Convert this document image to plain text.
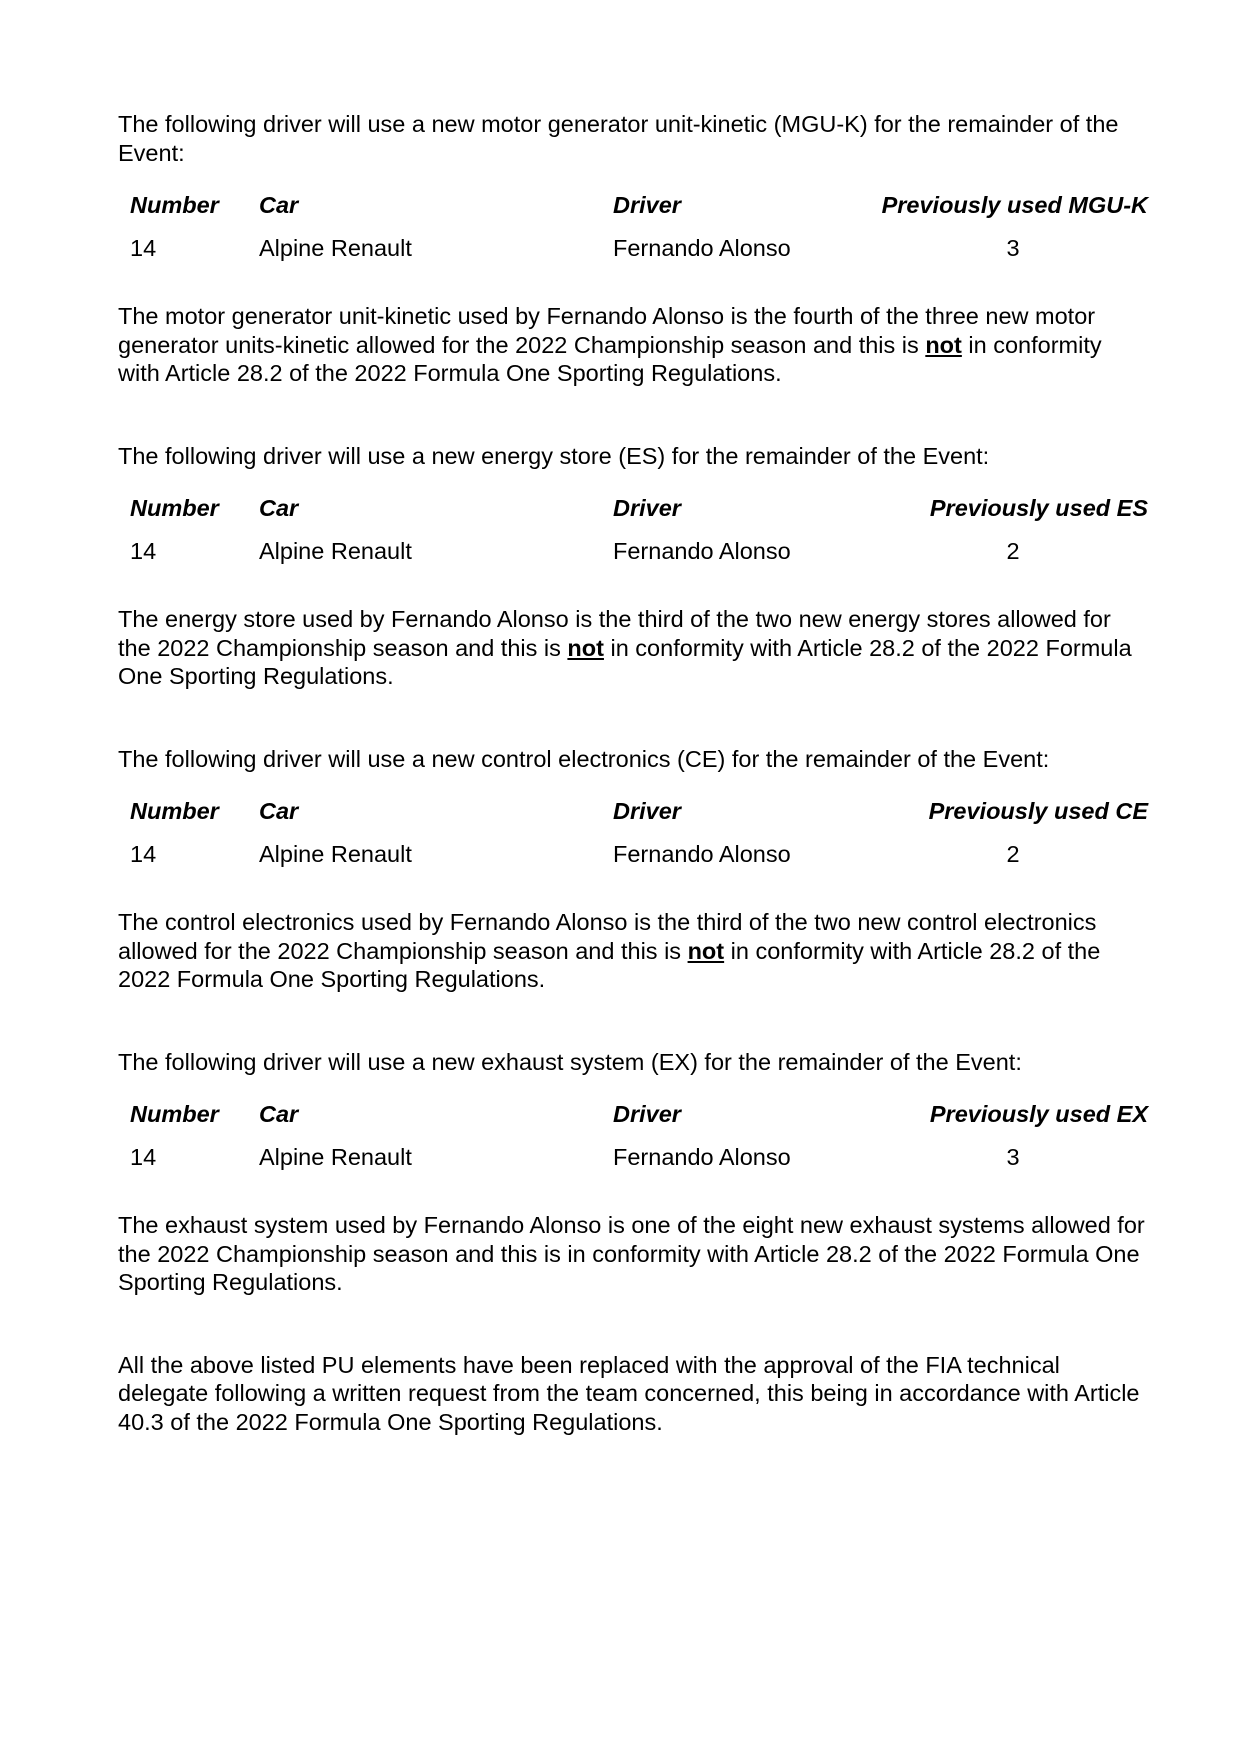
The following driver will use a new motor generator unit-kinetic (MGU-K) for the remainder of the Event:

Number Car	Driver	Previously used MGU-K
14	Alpine Renault	Fernando Alonso	3

The motor generator unit-kinetic used by Fernando Alonso is the fourth of the three new motor generator units-kinetic allowed for the 2022 Championship season and this is not in conformity with Article 28.2 of the 2022 Formula One Sporting Regulations.

The following driver will use a new energy store (ES) for the remainder of the Event:

Number Car	Driver	Previously used ES
14	Alpine Renault	Fernando Alonso	2

The energy store used by Fernando Alonso is the third of the two new energy stores allowed for the 2022 Championship season and this is not in conformity with Article 28.2 of the 2022 Formula One Sporting Regulations.

The following driver will use a new control electronics (CE) for the remainder of the Event:

Number Car	Driver	Previously used CE
14	Alpine Renault	Fernando Alonso	2

The control electronics used by Fernando Alonso is the third of the two new control electronics allowed for the 2022 Championship season and this is not in conformity with Article 28.2 of the 2022 Formula One Sporting Regulations.

The following driver will use a new exhaust system (EX) for the remainder of the Event:

Number Car	Driver	Previously used EX
14	Alpine Renault	Fernando Alonso	3

The exhaust system used by Fernando Alonso is one of the eight new exhaust systems allowed for the 2022 Championship season and this is in conformity with Article 28.2 of the 2022 Formula One Sporting Regulations.

All the above listed PU elements have been replaced with the approval of the FIA technical delegate following a written request from the team concerned, this being in accordance with Article 40.3 of the 2022 Formula One Sporting Regulations.
